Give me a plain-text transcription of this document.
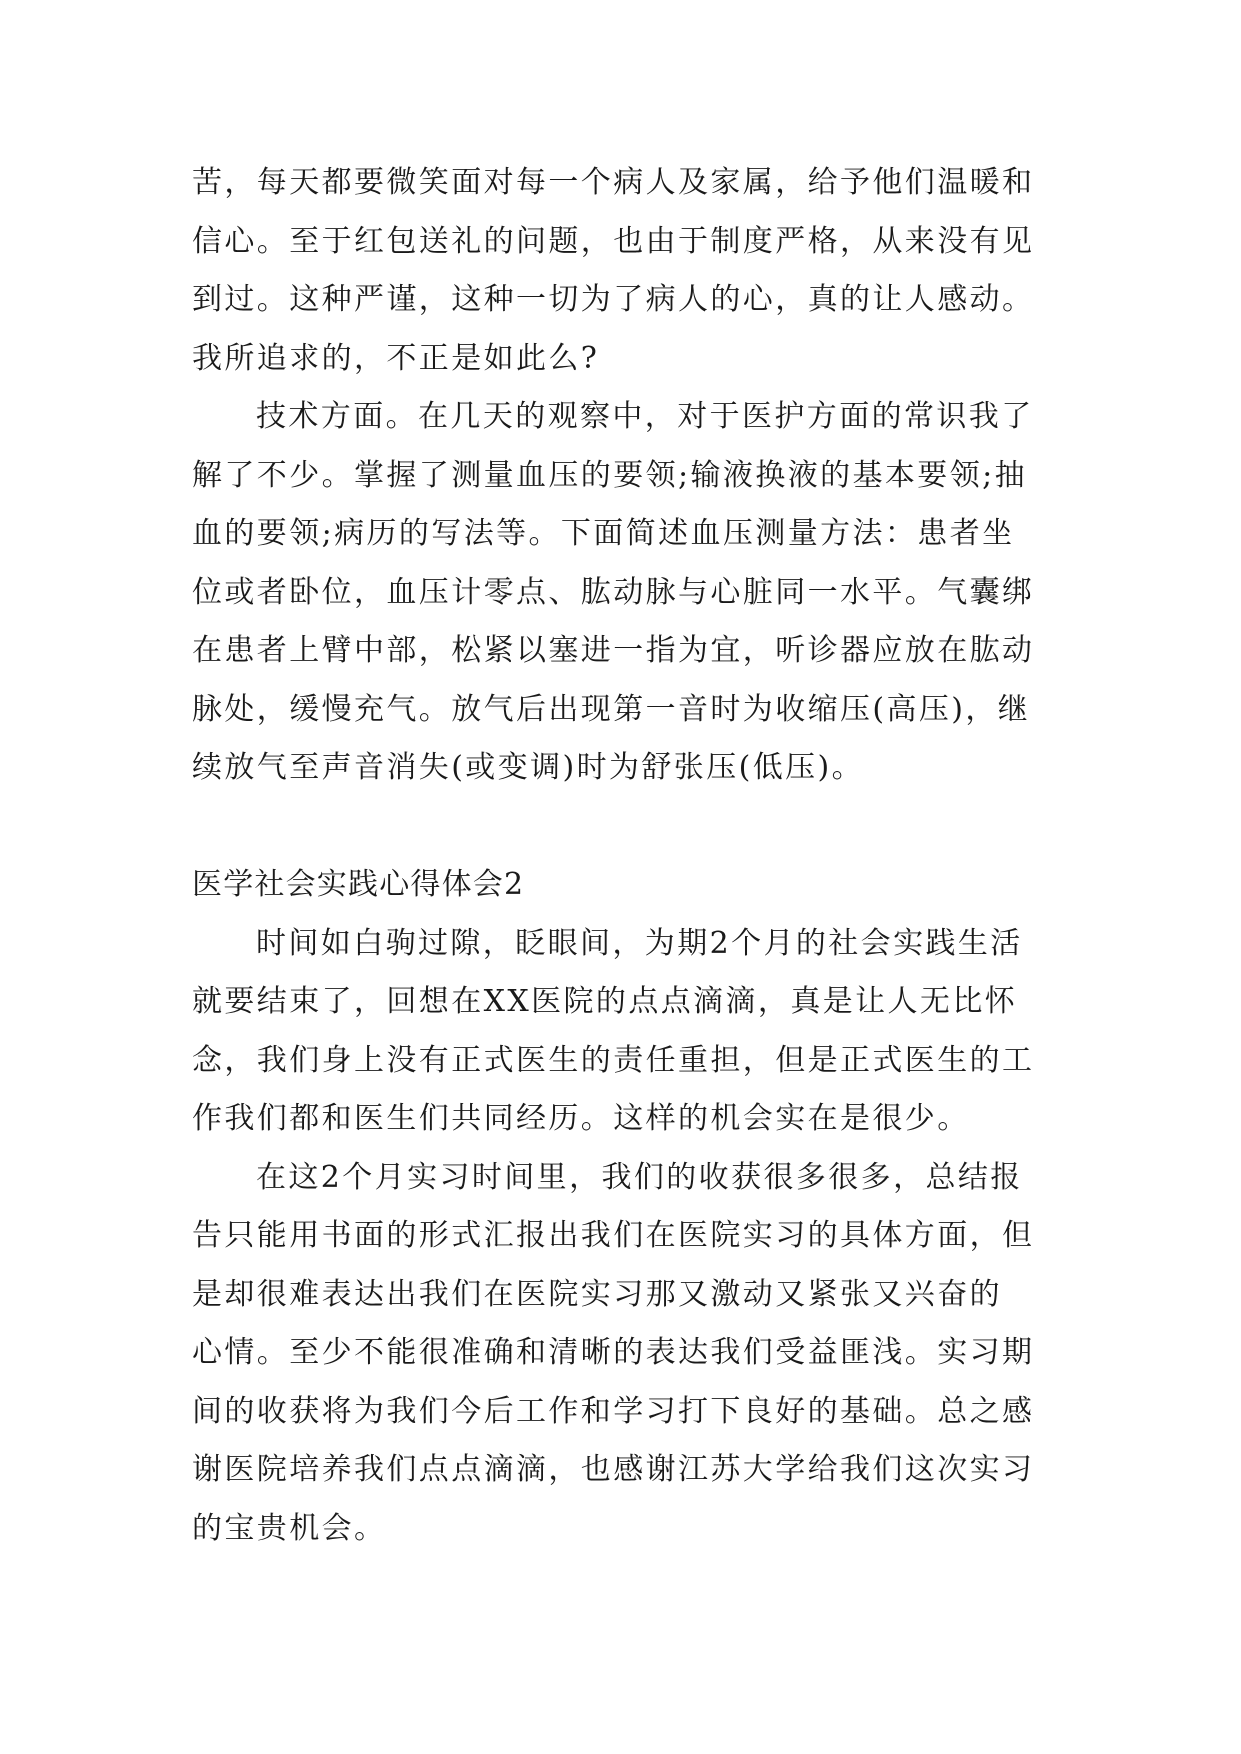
苦，每天都要微笑面对每一个病人及家属，给予他们温暖和
信心。至于红包送礼的问题，也由于制度严格，从来没有见
到过。这种严谨，这种一切为了病人的心，真的让人感动。
我所追求的，不正是如此么?
技术方面。在几天的观察中，对于医护方面的常识我了
解了不少。掌握了测量血压的要领;输液换液的基本要领;抽
血的要领;病历的写法等。下面简述血压测量方法：患者坐
位或者卧位，血压计零点、肱动脉与心脏同一水平。气囊绑
在患者上臂中部，松紧以塞进一指为宜，听诊器应放在肱动
脉处，缓慢充气。放气后出现第一音时为收缩压(高压)，继
续放气至声音消失(或变调)时为舒张压(低压)。
医学社会实践心得体会2
时间如白驹过隙，眨眼间，为期2个月的社会实践生活
就要结束了，回想在XX医院的点点滴滴，真是让人无比怀
念，我们身上没有正式医生的责任重担，但是正式医生的工
作我们都和医生们共同经历。这样的机会实在是很少。
在这2个月实习时间里，我们的收获很多很多，总结报
告只能用书面的形式汇报出我们在医院实习的具体方面，但
是却很难表达出我们在医院实习那又激动又紧张又兴奋的
心情。至少不能很准确和清晰的表达我们受益匪浅。实习期
间的收获将为我们今后工作和学习打下良好的基础。总之感
谢医院培养我们点点滴滴，也感谢江苏大学给我们这次实习
的宝贵机会。
